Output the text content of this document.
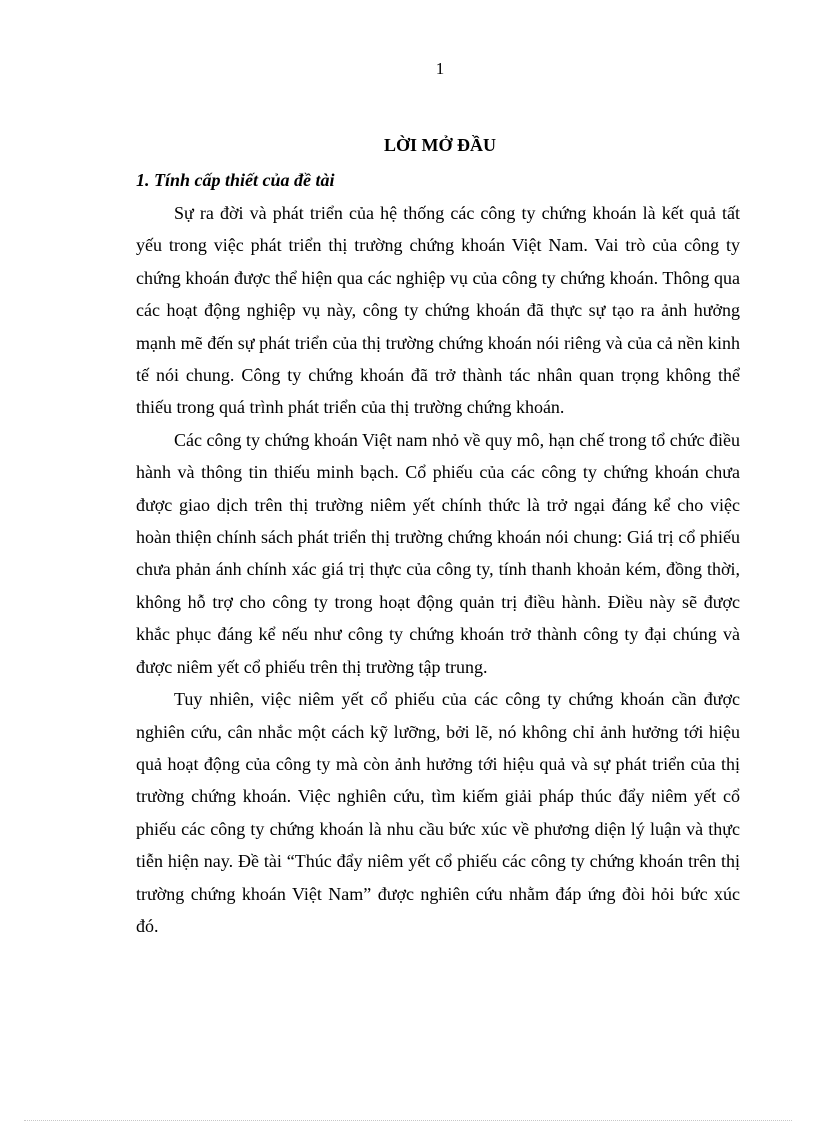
1
LỜI MỞ ĐẦU
1. Tính cấp thiết của đề tài

Sự ra đời và phát triển của hệ thống các công ty chứng khoán là kết quả tất yếu trong việc phát triển thị trường chứng khoán Việt Nam. Vai trò của công ty chứng khoán được thể hiện qua các nghiệp vụ của công ty chứng khoán. Thông qua các hoạt động nghiệp vụ này, công ty chứng khoán đã thực sự tạo ra ảnh hưởng mạnh mẽ đến sự phát triển của thị trường chứng khoán nói riêng và của cả nền kinh tế nói chung. Công ty chứng khoán đã trở thành tác nhân quan trọng không thể thiếu trong quá trình phát triển của thị trường chứng khoán.

Các công ty chứng khoán Việt nam nhỏ về quy mô, hạn chế trong tổ chức điều hành và thông tin thiếu minh bạch. Cổ phiếu của các công ty chứng khoán chưa được giao dịch trên thị trường niêm yết chính thức là trở ngại đáng kể cho việc hoàn thiện chính sách phát triển thị trường chứng khoán nói chung: Giá trị cổ phiếu chưa phản ánh chính xác giá trị thực của công ty, tính thanh khoản kém, đồng thời, không hỗ trợ cho công ty trong hoạt động quản trị điều hành. Điều này sẽ được khắc phục đáng kể nếu như công ty chứng khoán trở thành công ty đại chúng và được niêm yết cổ phiếu trên thị trường tập trung.

Tuy nhiên, việc niêm yết cổ phiếu của các công ty chứng khoán cần được nghiên cứu, cân nhắc một cách kỹ lưỡng, bởi lẽ, nó không chỉ ảnh hưởng tới hiệu quả hoạt động của công ty mà còn ảnh hưởng tới hiệu quả và sự phát triển của thị trường chứng khoán. Việc nghiên cứu, tìm kiếm giải pháp thúc đẩy niêm yết cổ phiếu các công ty chứng khoán là nhu cầu bức xúc về phương diện lý luận và thực tiễn hiện nay. Đề tài “Thúc đẩy niêm yết cổ phiếu các công ty chứng khoán trên thị trường chứng khoán Việt Nam” được nghiên cứu nhằm đáp ứng đòi hỏi bức xúc đó.
